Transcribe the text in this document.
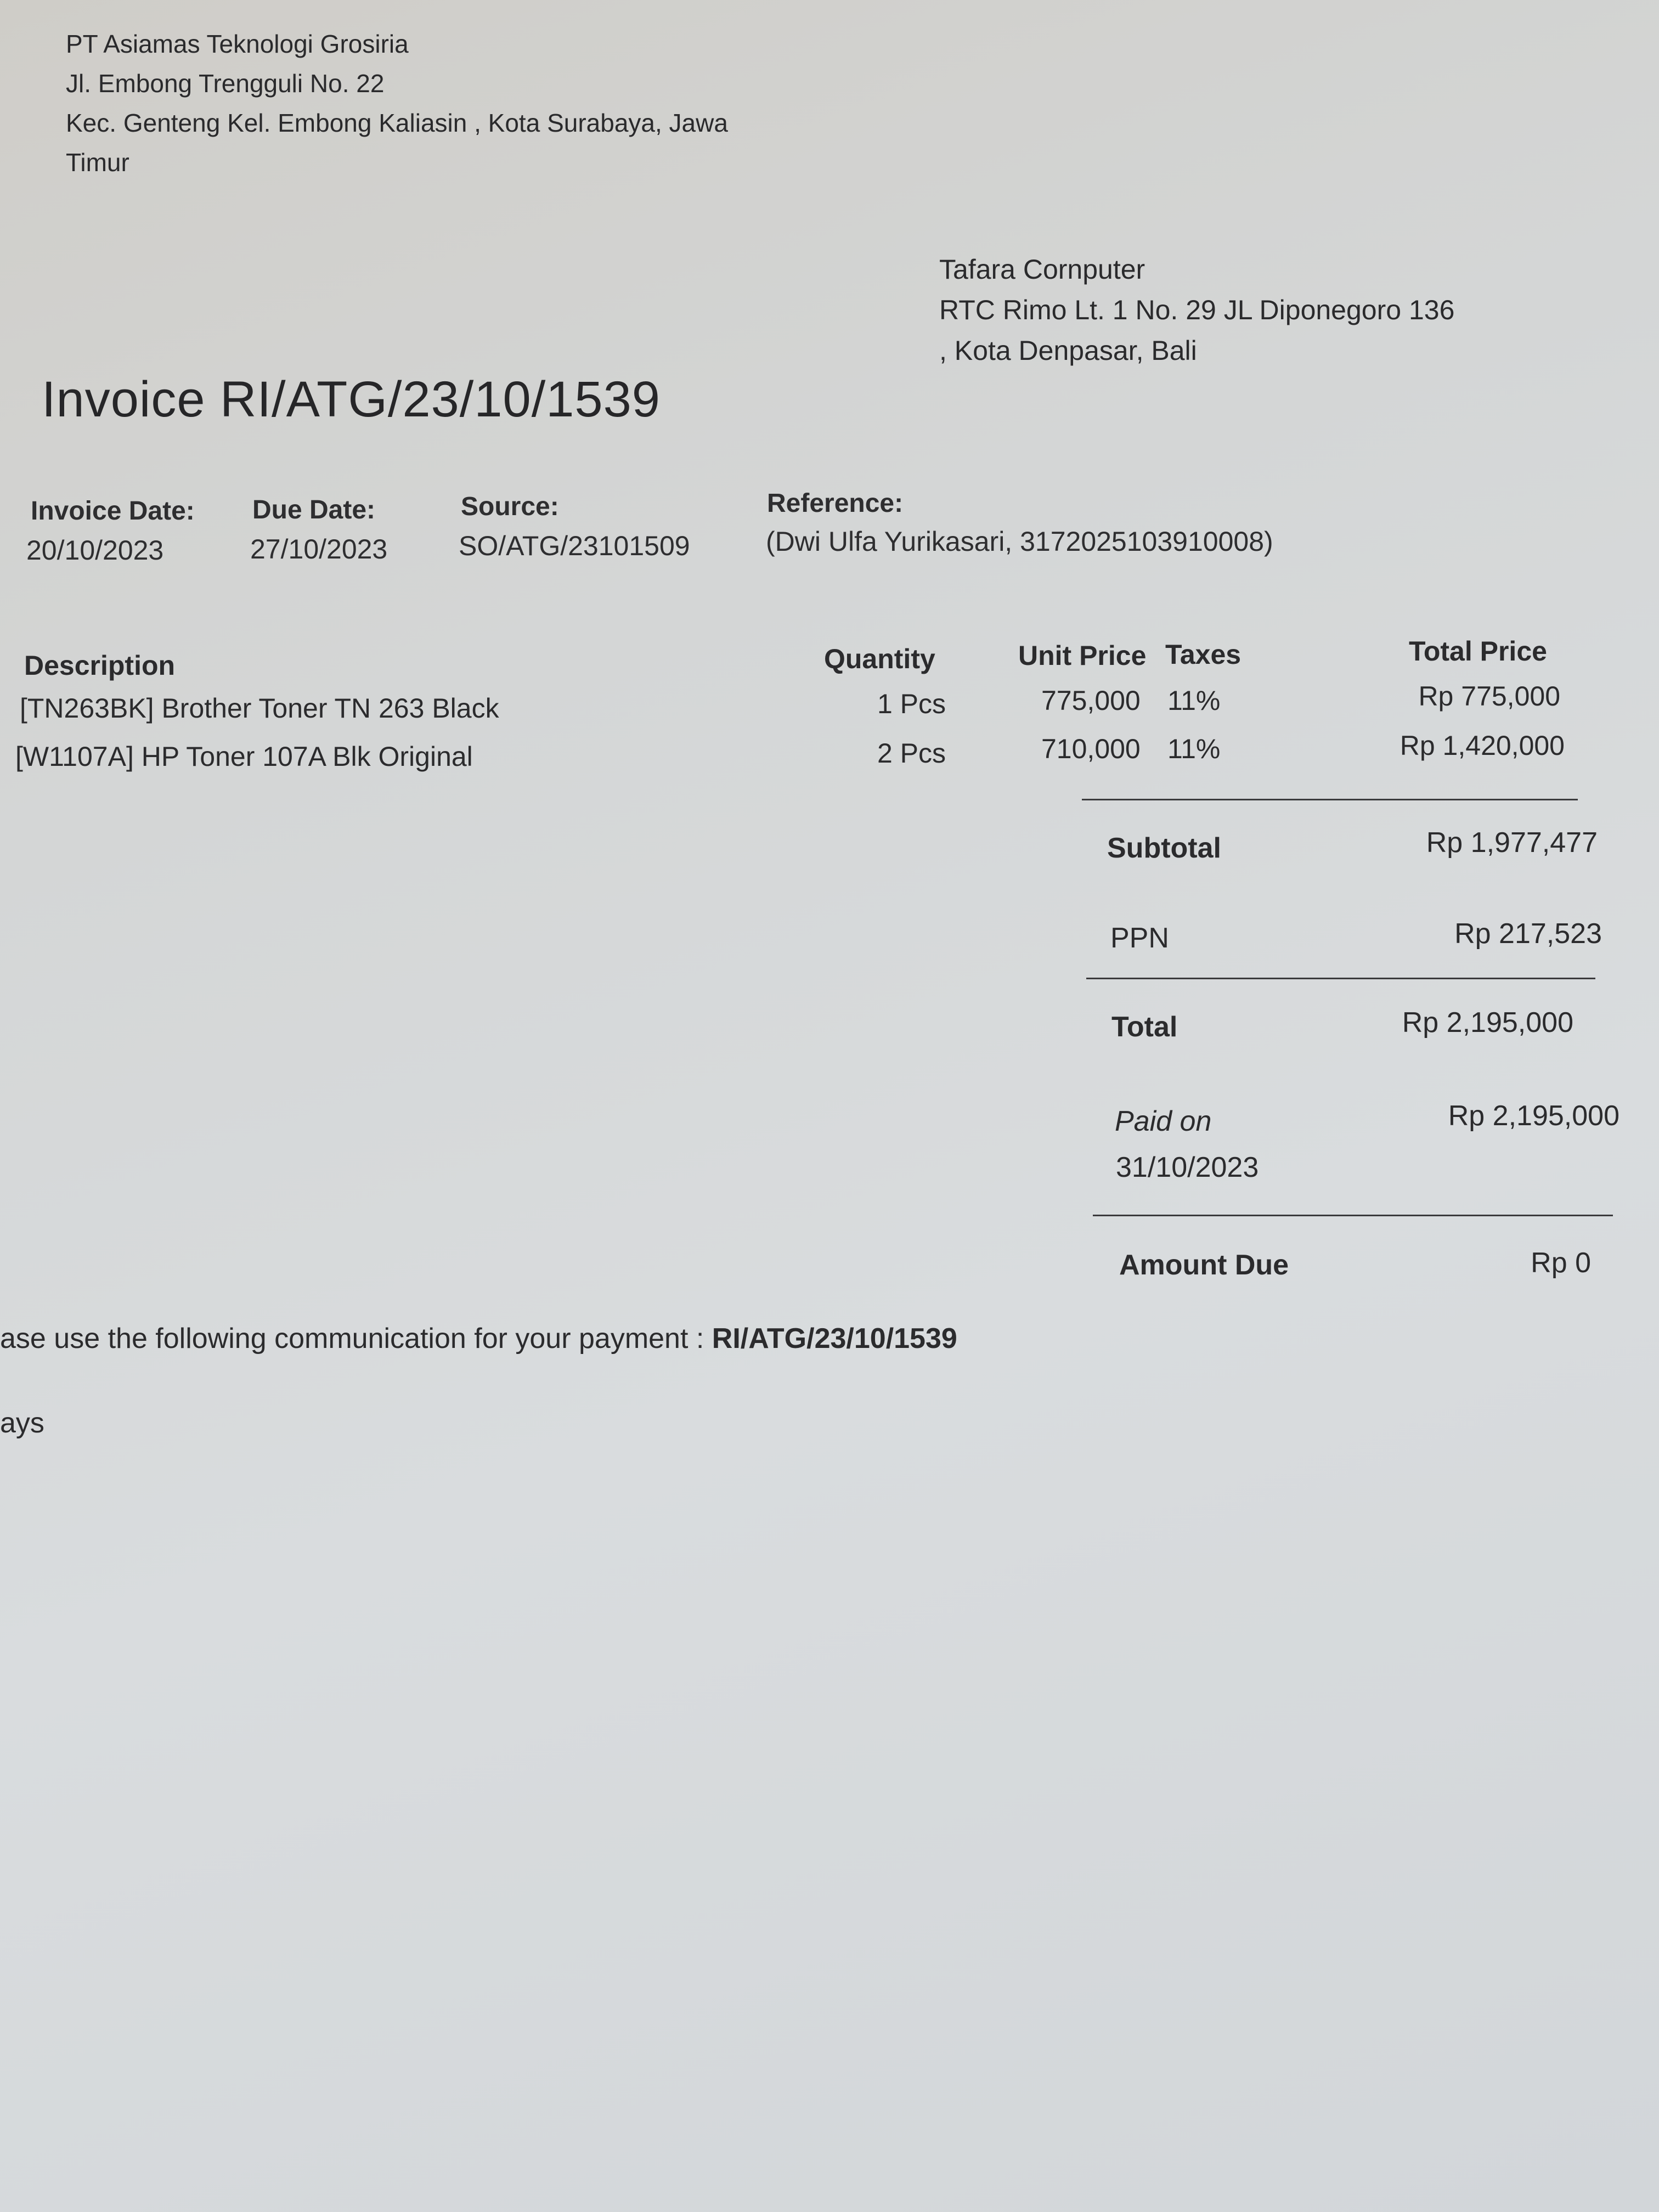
PT Asiamas Teknologi Grosiria
Jl. Embong Trengguli No. 22
Kec. Genteng Kel. Embong Kaliasin , Kota Surabaya, Jawa
Timur
Tafara Cornputer
RTC Rimo Lt. 1 No. 29 JL Diponegoro 136
, Kota Denpasar, Bali
Invoice RI/ATG/23/10/1539
Invoice Date:
20/10/2023
Due Date:
27/10/2023
Source:
SO/ATG/23101509
Reference:
(Dwi Ulfa Yurikasari, 3172025103910008)
Description	Quantity	Unit Price Taxes	Total Price
[TN263BK] Brother Toner TN 263 Black	1 Pcs	775,000 11%	Rp 775,000
[W1107A] HP Toner 107A Blk Original	2 Pcs	710,000 11%	Rp 1,420,000
Subtotal	Rp 1,977,477
PPN	Rp 217,523
Total	Rp 2,195,000
Paid on
31/10/2023
Rp 2,195,000
Amount Due	Rp 0
ase use the following communication for your payment : RI/ATG/23/10/1539
ays
